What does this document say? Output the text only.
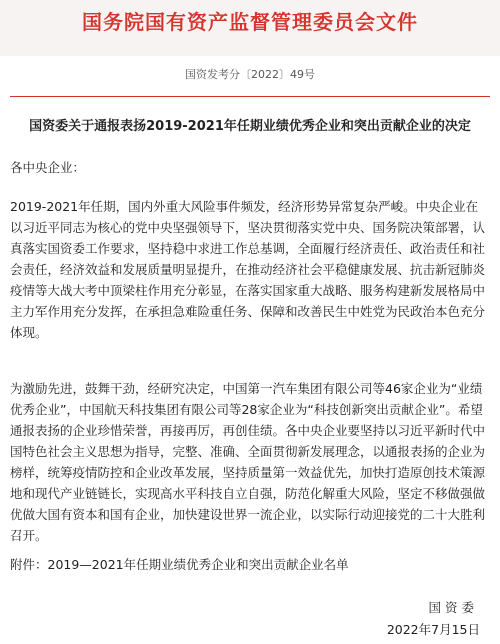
国务院国有资产监督管理委员会文件
国资发考分〔2022〕49号
国资委关于通报表扬2019-2021年任期业绩优秀企业和突出贡献企业的决定
各中央企业：
2019-2021年任期，国内外重大风险事件频发，经济形势异常复杂严峻。中央企业在以习近平同志为核心的党中央坚强领导下，坚决贯彻落实党中央、国务院决策部署，认真落实国资委工作要求，坚持稳中求进工作总基调，全面履行经济责任、政治责任和社会责任，经济效益和发展质量明显提升，在推动经济社会平稳健康发展、抗击新冠肺炎疫情等大战大考中顶梁柱作用充分彰显，在落实国家重大战略、服务构建新发展格局中主力军作用充分发挥，在承担急难险重任务、保障和改善民生中姓党为民政治本色充分体现。
为激励先进，鼓舞干劲，经研究决定，中国第一汽车集团有限公司等46家企业为“业绩优秀企业”，中国航天科技集团有限公司等28家企业为“科技创新突出贡献企业”。希望通报表扬的企业珍惜荣誉，再接再厉，再创佳绩。各中央企业要坚持以习近平新时代中国特色社会主义思想为指导，完整、准确、全面贯彻新发展理念，以通报表扬的企业为榜样，统筹疫情防控和企业改革发展，坚持质量第一效益优先，加快打造原创技术策源地和现代产业链链长，实现高水平科技自立自强，防范化解重大风险，坚定不移做强做优做大国有资本和国有企业，加快建设世界一流企业，以实际行动迎接党的二十大胜利召开。
附件：2019—2021年任期业绩优秀企业和突出贡献企业名单
国资委
2022年7月15日
